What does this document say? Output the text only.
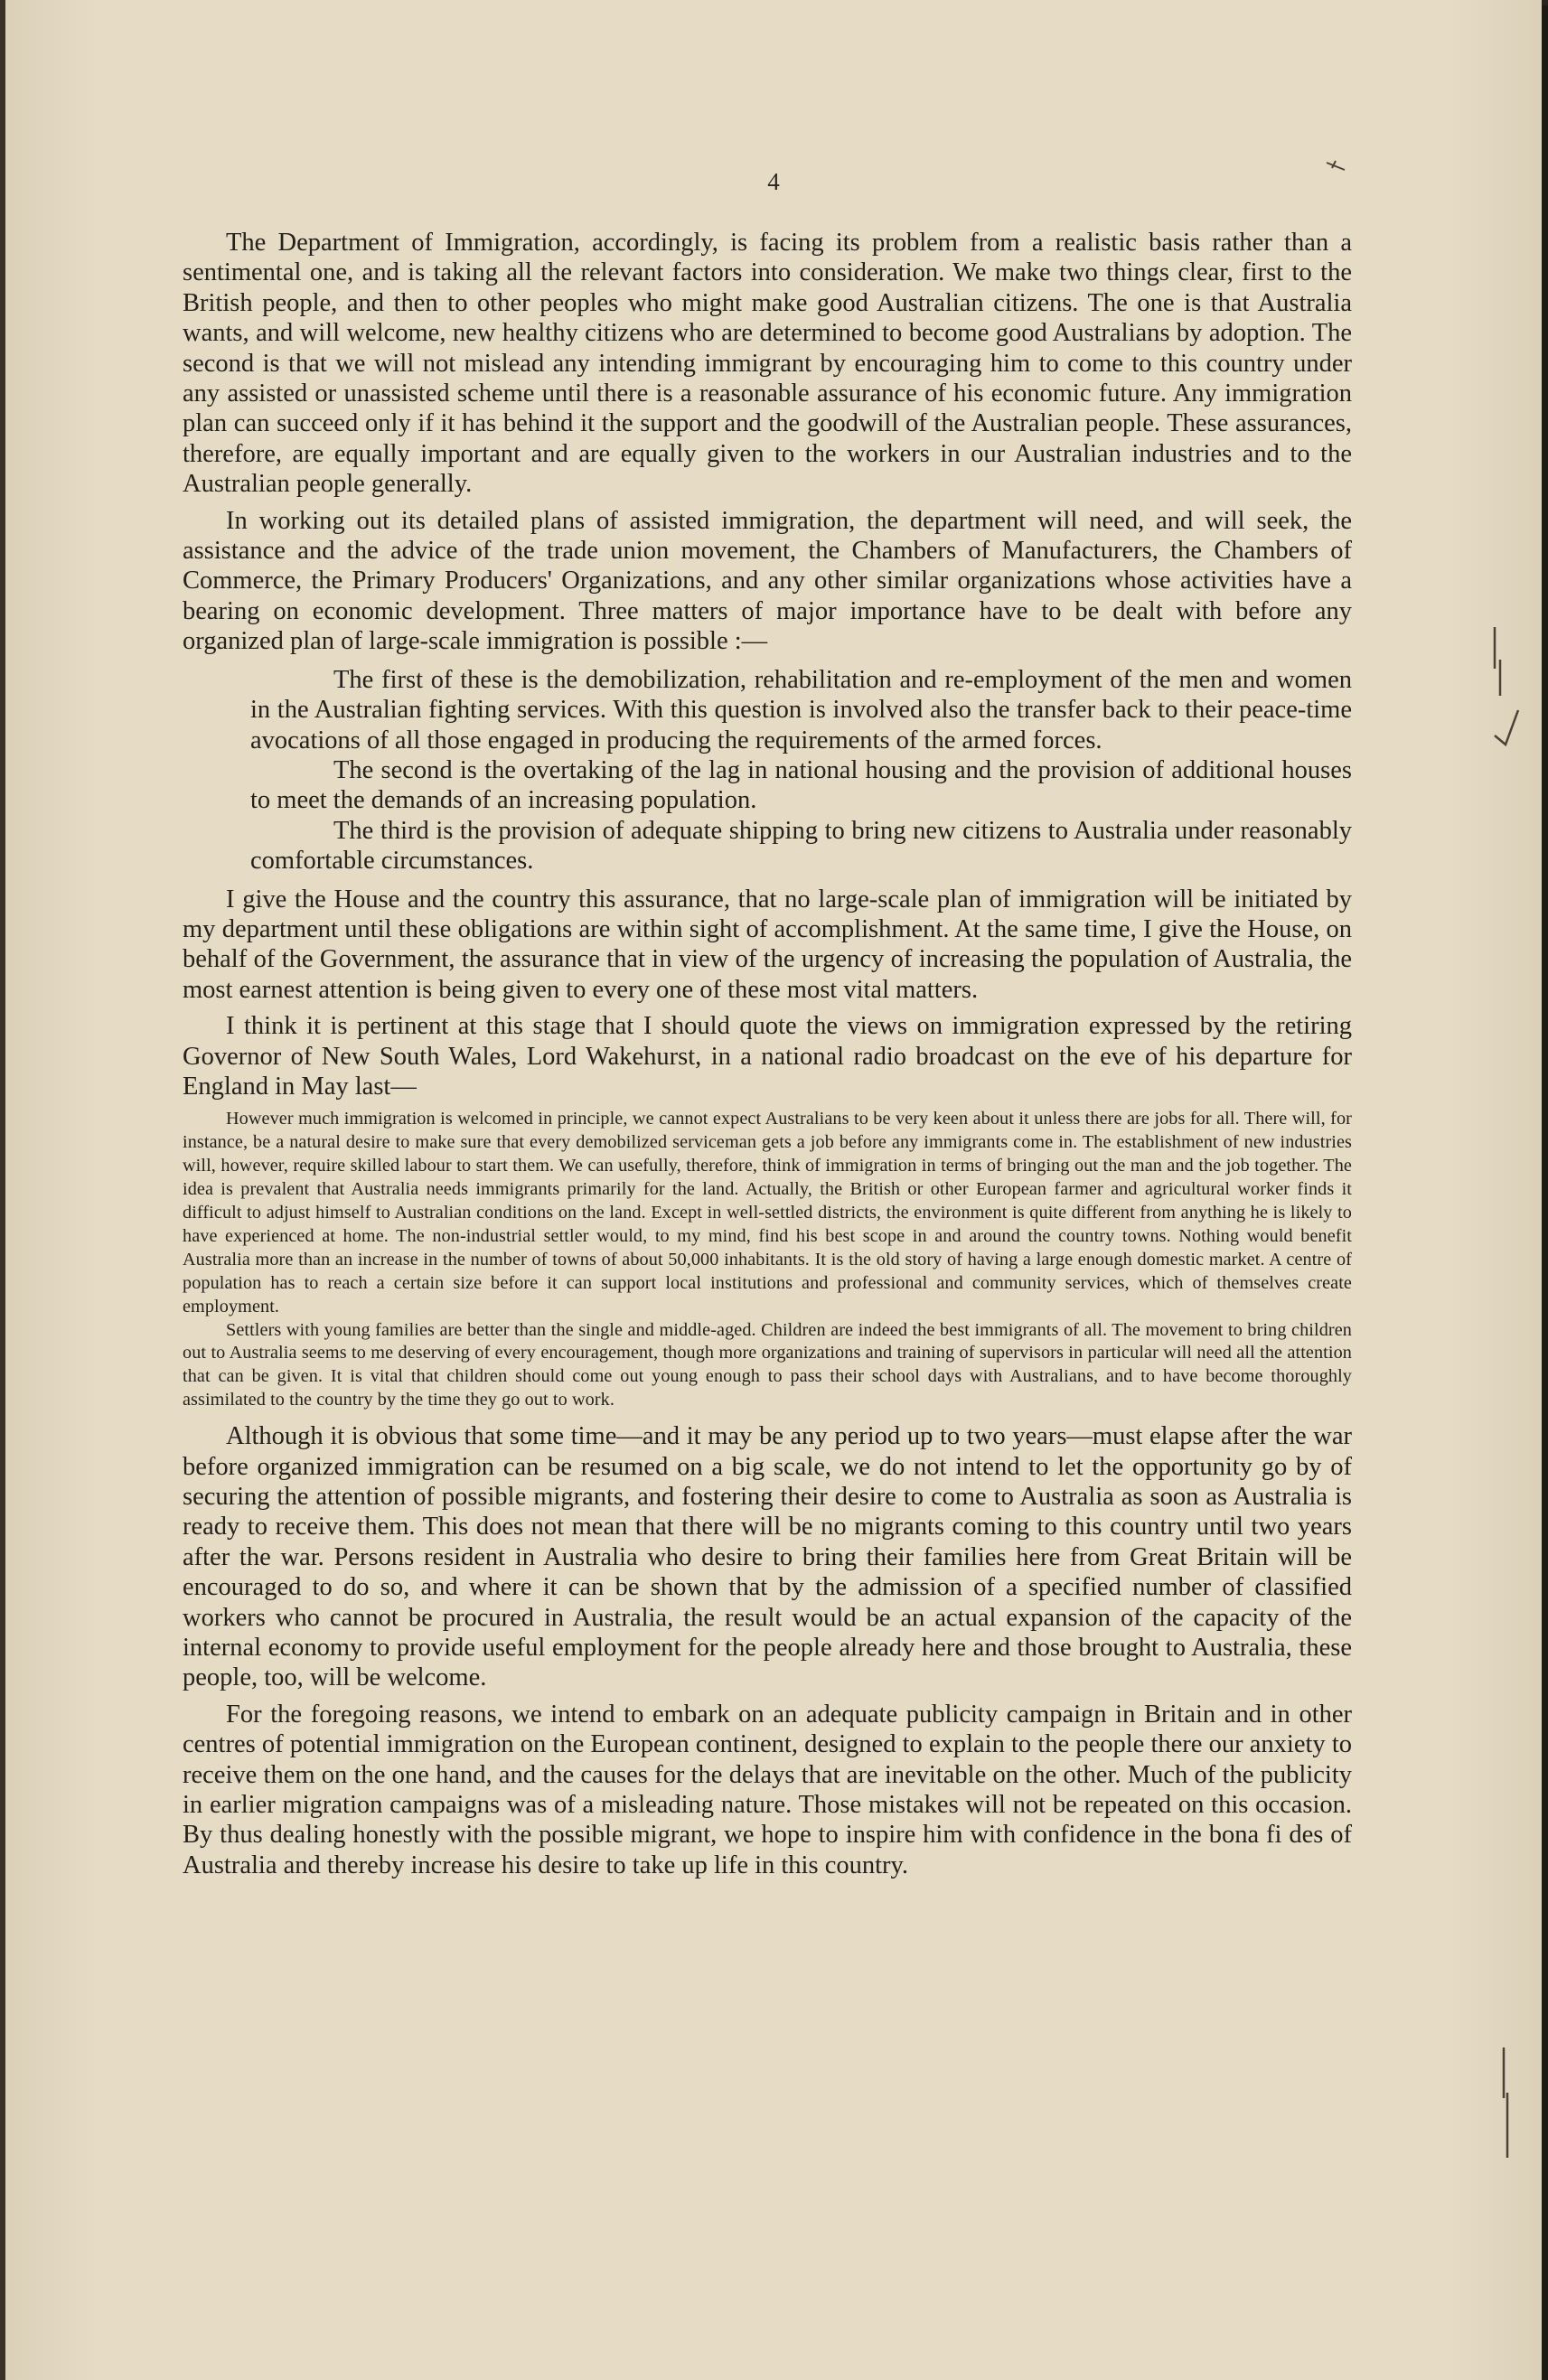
4

The Department of Immigration, accordingly, is facing its problem from a realistic basis rather than a sentimental one, and is taking all the relevant factors into consideration. We make two things clear, first to the British people, and then to other peoples who might make good Australian citizens. The one is that Australia wants, and will welcome, new healthy citizens who are determined to become good Australians by adoption. The second is that we will not mislead any intending immigrant by encouraging him to come to this country under any assisted or unassisted scheme until there is a reasonable assurance of his economic future. Any immigration plan can succeed only if it has behind it the support and the goodwill of the Australian people. These assurances, therefore, are equally important and are equally given to the workers in our Australian industries and to the Australian people generally.

In working out its detailed plans of assisted immigration, the department will need, and will seek, the assistance and the advice of the trade union movement, the Chambers of Manufacturers, the Chambers of Commerce, the Primary Producers' Organizations, and any other similar organizations whose activities have a bearing on economic development. Three matters of major importance have to be dealt with before any organized plan of large-scale immigration is possible :—

The first of these is the demobilization, rehabilitation and re-employment of the men and women in the Australian fighting services. With this question is involved also the transfer back to their peace-time avocations of all those engaged in producing the requirements of the armed forces.

The second is the overtaking of the lag in national housing and the provision of additional houses to meet the demands of an increasing population.

The third is the provision of adequate shipping to bring new citizens to Australia under reasonably comfortable circumstances.

I give the House and the country this assurance, that no large-scale plan of immigration will be initiated by my department until these obligations are within sight of accomplishment. At the same time, I give the House, on behalf of the Government, the assurance that in view of the urgency of increasing the population of Australia, the most earnest attention is being given to every one of these most vital matters.

I think it is pertinent at this stage that I should quote the views on immigration expressed by the retiring Governor of New South Wales, Lord Wakehurst, in a national radio broadcast on the eve of his departure for England in May last—

However much immigration is welcomed in principle, we cannot expect Australians to be very keen about it unless there are jobs for all. There will, for instance, be a natural desire to make sure that every demobilized serviceman gets a job before any immigrants come in. The establishment of new industries will, however, require skilled labour to start them. We can usefully, therefore, think of immigration in terms of bringing out the man and the job together. The idea is prevalent that Australia needs immigrants primarily for the land. Actually, the British or other European farmer and agricultural worker finds it difficult to adjust himself to Australian conditions on the land. Except in well-settled districts, the environment is quite different from anything he is likely to have experienced at home. The non-industrial settler would, to my mind, find his best scope in and around the country towns. Nothing would benefit Australia more than an increase in the number of towns of about 50,000 inhabitants. It is the old story of having a large enough domestic market. A centre of population has to reach a certain size before it can support local institutions and professional and community services, which of themselves create employment.

Settlers with young families are better than the single and middle-aged. Children are indeed the best immigrants of all. The movement to bring children out to Australia seems to me deserving of every encouragement, though more organizations and training of supervisors in particular will need all the attention that can be given. It is vital that children should come out young enough to pass their school days with Australians, and to have become thoroughly assimilated to the country by the time they go out to work.

Although it is obvious that some time—and it may be any period up to two years—must elapse after the war before organized immigration can be resumed on a big scale, we do not intend to let the opportunity go by of securing the attention of possible migrants, and fostering their desire to come to Australia as soon as Australia is ready to receive them. This does not mean that there will be no migrants coming to this country until two years after the war. Persons resident in Australia who desire to bring their families here from Great Britain will be encouraged to do so, and where it can be shown that by the admission of a specified number of classified workers who cannot be procured in Australia, the result would be an actual expansion of the capacity of the internal economy to provide useful employment for the people already here and those brought to Australia, these people, too, will be welcome.

For the foregoing reasons, we intend to embark on an adequate publicity campaign in Britain and in other centres of potential immigration on the European continent, designed to explain to the people there our anxiety to receive them on the one hand, and the causes for the delays that are inevitable on the other. Much of the publicity in earlier migration campaigns was of a misleading nature. Those mistakes will not be repeated on this occasion. By thus dealing honestly with the possible migrant, we hope to inspire him with confidence in the bona fi des of Australia and thereby increase his desire to take up life in this country.
